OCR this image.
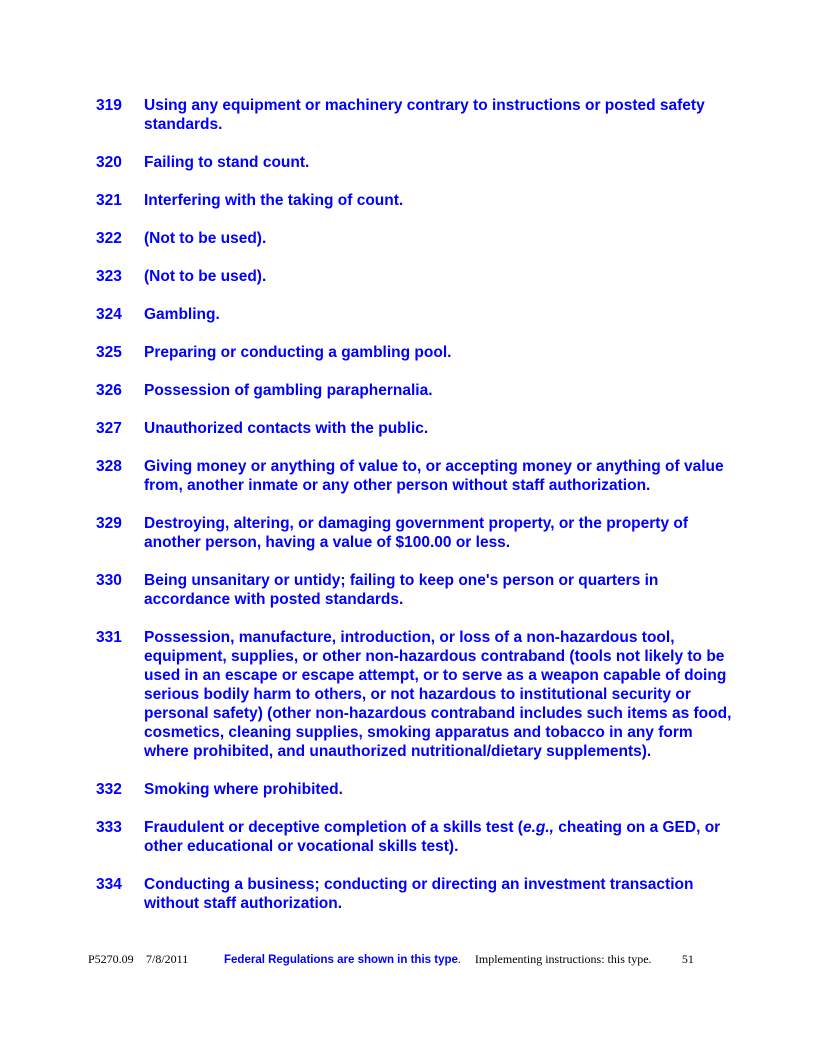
319	Using any equipment or machinery contrary to instructions or posted safety standards.
320	Failing to stand count.
321	Interfering with the taking of count.
322	(Not to be used).
323	(Not to be used).
324	Gambling.
325	Preparing or conducting a gambling pool.
326	Possession of gambling paraphernalia.
327	Unauthorized contacts with the public.
328	Giving money or anything of value to, or accepting money or anything of value from, another inmate or any other person without staff authorization.
329	Destroying, altering, or damaging government property, or the property of another person, having a value of $100.00 or less.
330	Being unsanitary or untidy; failing to keep one's person or quarters in accordance with posted standards.
331	Possession, manufacture, introduction, or loss of a non-hazardous tool, equipment, supplies, or other non-hazardous contraband (tools not likely to be used in an escape or escape attempt, or to serve as a weapon capable of doing serious bodily harm to others, or not hazardous to institutional security or personal safety) (other non-hazardous contraband includes such items as food, cosmetics, cleaning supplies, smoking apparatus and tobacco in any form where prohibited, and unauthorized nutritional/dietary supplements).
332	Smoking where prohibited.
333	Fraudulent or deceptive completion of a skills test (e.g., cheating on a GED, or other educational or vocational skills test).
334	Conducting a business; conducting or directing an investment transaction without staff authorization.
P5270.09 7/8/2011	Federal Regulations are shown in this type. Implementing instructions: this type.	51
